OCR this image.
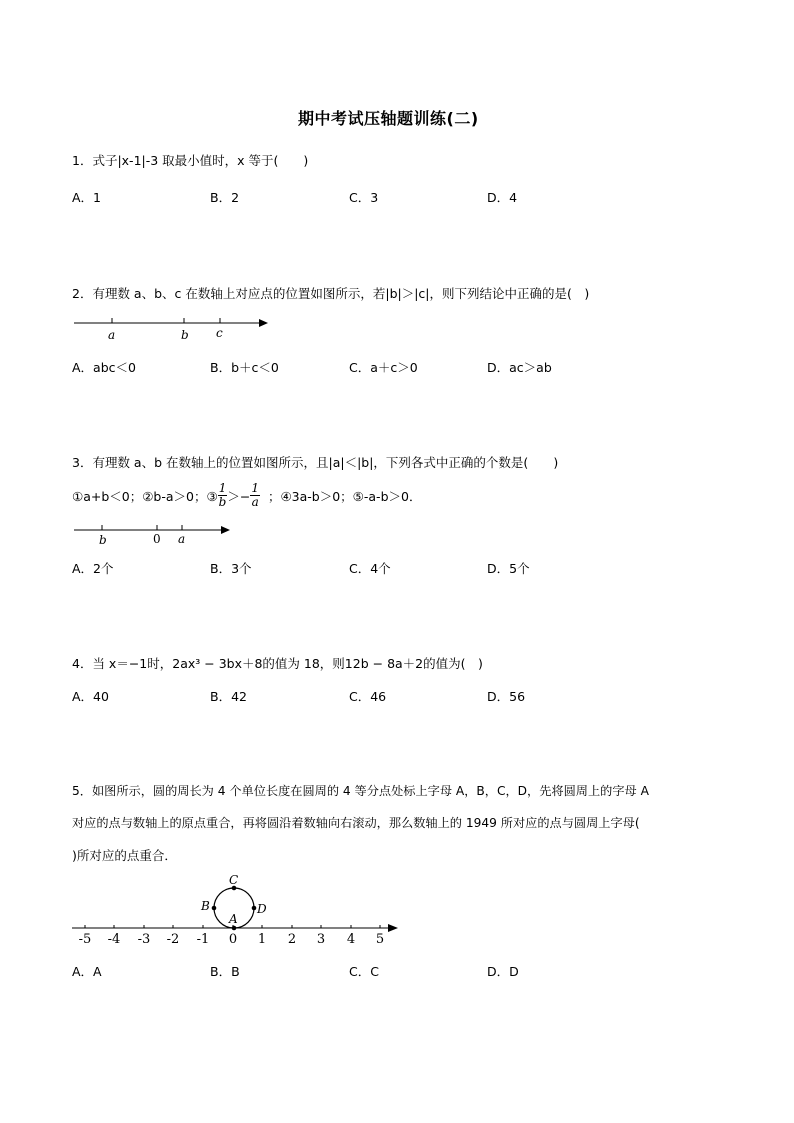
期中考试压轴题训练(二)
1．式子|x-1|-3 取最小值时，x 等于(　　)
A．1	B．2	C．3	D．4
2．有理数 a、b、c 在数轴上对应点的位置如图所示，若|b|＞|c|，则下列结论中正确的是(　)
a	b c
A．abc＜0	B．b＋c＜0	C．a＋c＞0	D．ac＞ab
3．有理数 a、b 在数轴上的位置如图所示，且|a|＜|b|，下列各式中正确的个数是(　　)
①a+b＜0；②b-a＞0；③ $\frac{1}{b} >- \frac{1}{a}$ ；④3a-b＞0；⑤-a-b＞0．
b	0 a
A．2个	B．3个	C．4个	D．5个
4．当 x＝−1时，2ax³ − 3bx＋8的值为 18，则12b − 8a＋2的值为(　)
A．40	B．42	C．46	D．56
5．如图所示，圆的周长为 4 个单位长度在圆周的 4 等分点处标上字母 A，B，C，D，先将圆周上的字母 A
对应的点与数轴上的原点重合，再将圆沿着数轴向右滚动，那么数轴上的 1949 所对应的点与圆周上字母(
)所对应的点重合．
-5 -4 -3 -2 -1 0 1 2 3 4 5
A
B
C
D
A．A	B．B	C．C	D．D
